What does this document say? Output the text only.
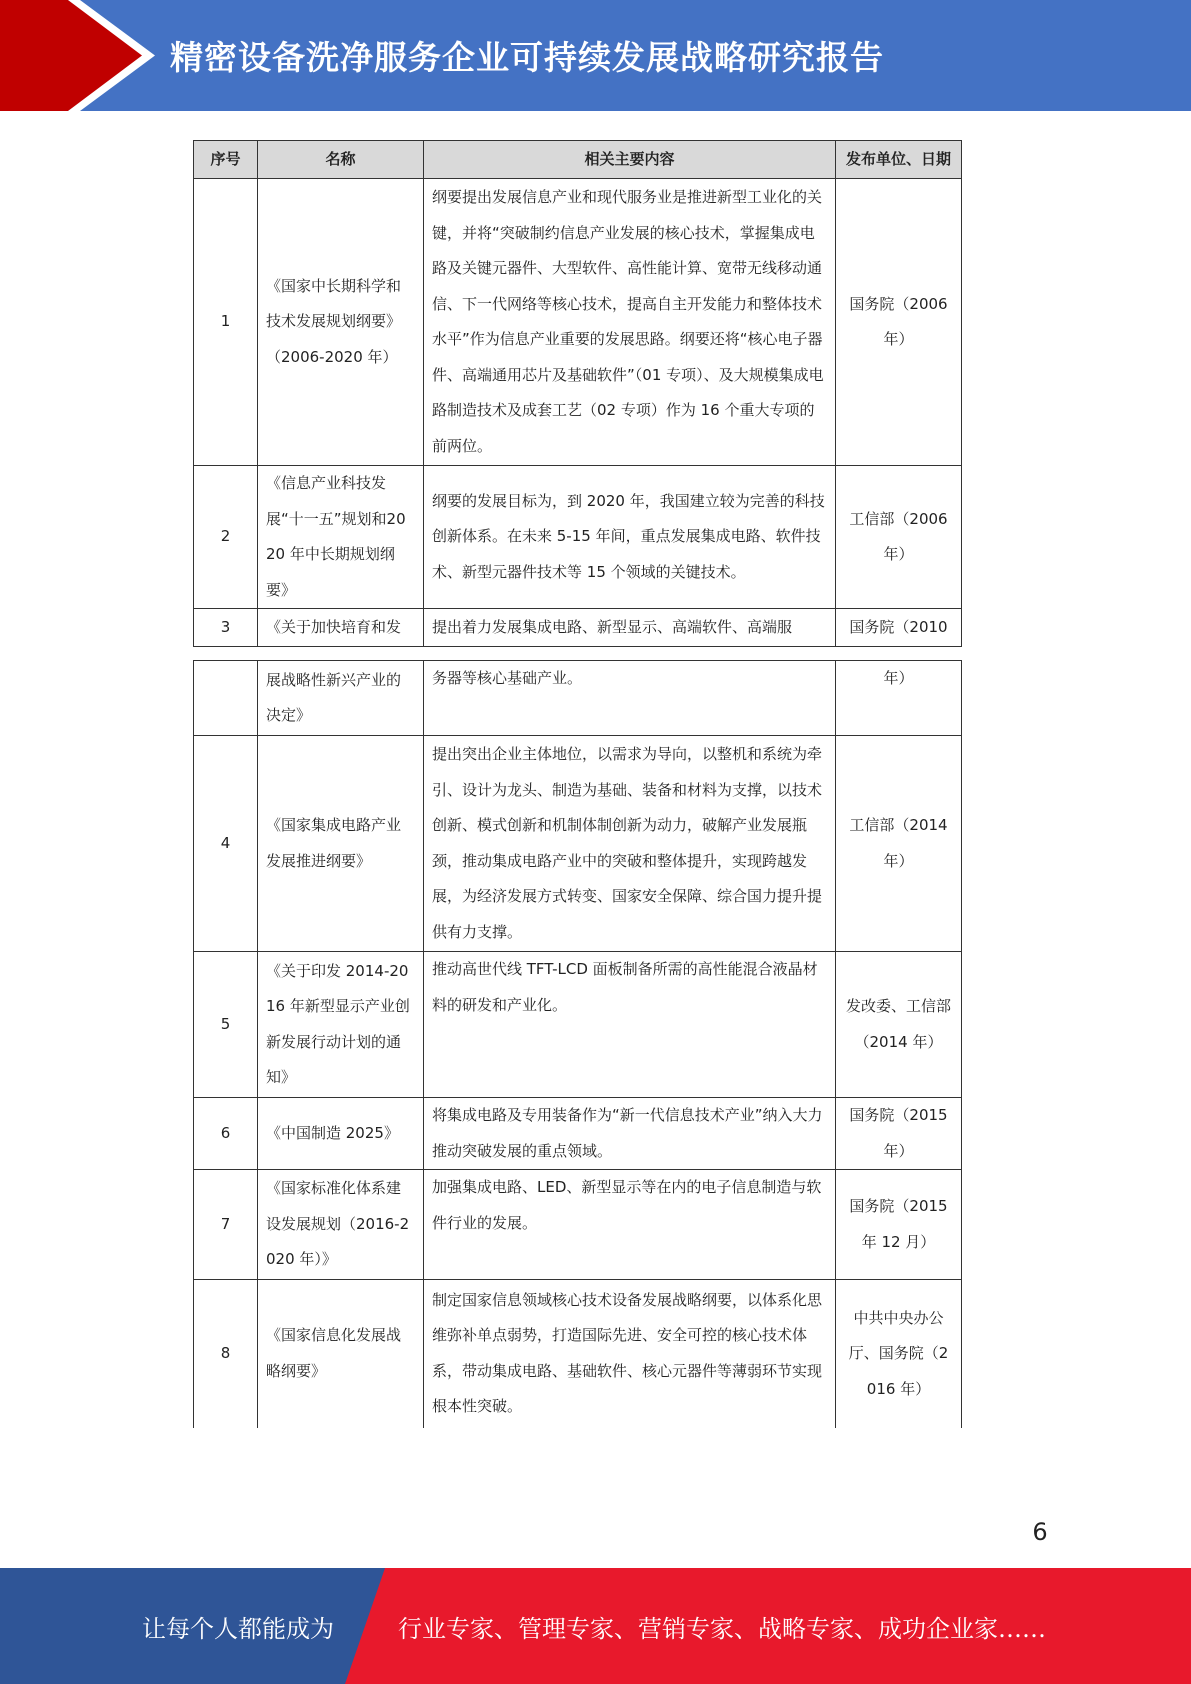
精密设备洗净服务企业可持续发展战略研究报告
序号	名称	相关主要内容	发布单位、日期
1	《国家中长期科学和技术发展规划纲要》（2006-2020 年）	纲要提出发展信息产业和现代服务业是推进新型工业化的关键，并将“突破制约信息产业发展的核心技术，掌握集成电路及关键元器件、大型软件、高性能计算、宽带无线移动通信、下一代网络等核心技术，提高自主开发能力和整体技术水平”作为信息产业重要的发展思路。纲要还将“核心电子器件、高端通用芯片及基础软件”（01 专项）、及大规模集成电路制造技术及成套工艺（02 专项）作为 16 个重大专项的前两位。	国务院（2006 年）
2	《信息产业科技发展“十一五”规划和2020 年中长期规划纲要》	纲要的发展目标为，到 2020 年，我国建立较为完善的科技创新体系。在未来 5-15 年间，重点发展集成电路、软件技术、新型元器件技术等 15 个领域的关键技术。	工信部（2006 年）
3	《关于加快培育和发	提出着力发展集成电路、新型显示、高端软件、高端服	国务院（2010
	展战略性新兴产业的决定》	务器等核心基础产业。	年）
4	《国家集成电路产业发展推进纲要》	提出突出企业主体地位，以需求为导向，以整机和系统为牵引、设计为龙头、制造为基础、装备和材料为支撑，以技术创新、模式创新和机制体制创新为动力，破解产业发展瓶颈，推动集成电路产业中的突破和整体提升，实现跨越发展，为经济发展方式转变、国家安全保障、综合国力提升提供有力支撑。	工信部（2014 年）
5	《关于印发 2014-2016 年新型显示产业创新发展行动计划的通知》	推动高世代线 TFT-LCD 面板制备所需的高性能混合液晶材料的研发和产业化。	发改委、工信部（2014 年）
6	《中国制造 2025》	将集成电路及专用装备作为“新一代信息技术产业”纳入大力推动突破发展的重点领域。	国务院（2015 年）
7	《国家标准化体系建设发展规划（2016-2020 年）》	加强集成电路、LED、新型显示等在内的电子信息制造与软件行业的发展。	国务院（2015 年 12 月）
8	《国家信息化发展战略纲要》	制定国家信息领域核心技术设备发展战略纲要，以体系化思维弥补单点弱势，打造国际先进、安全可控的核心技术体系，带动集成电路、基础软件、核心元器件等薄弱环节实现根本性突破。	中共中央办公厅、国务院（2016 年）
6
让每个人都能成为	行业专家、管理专家、营销专家、战略专家、成功企业家……
